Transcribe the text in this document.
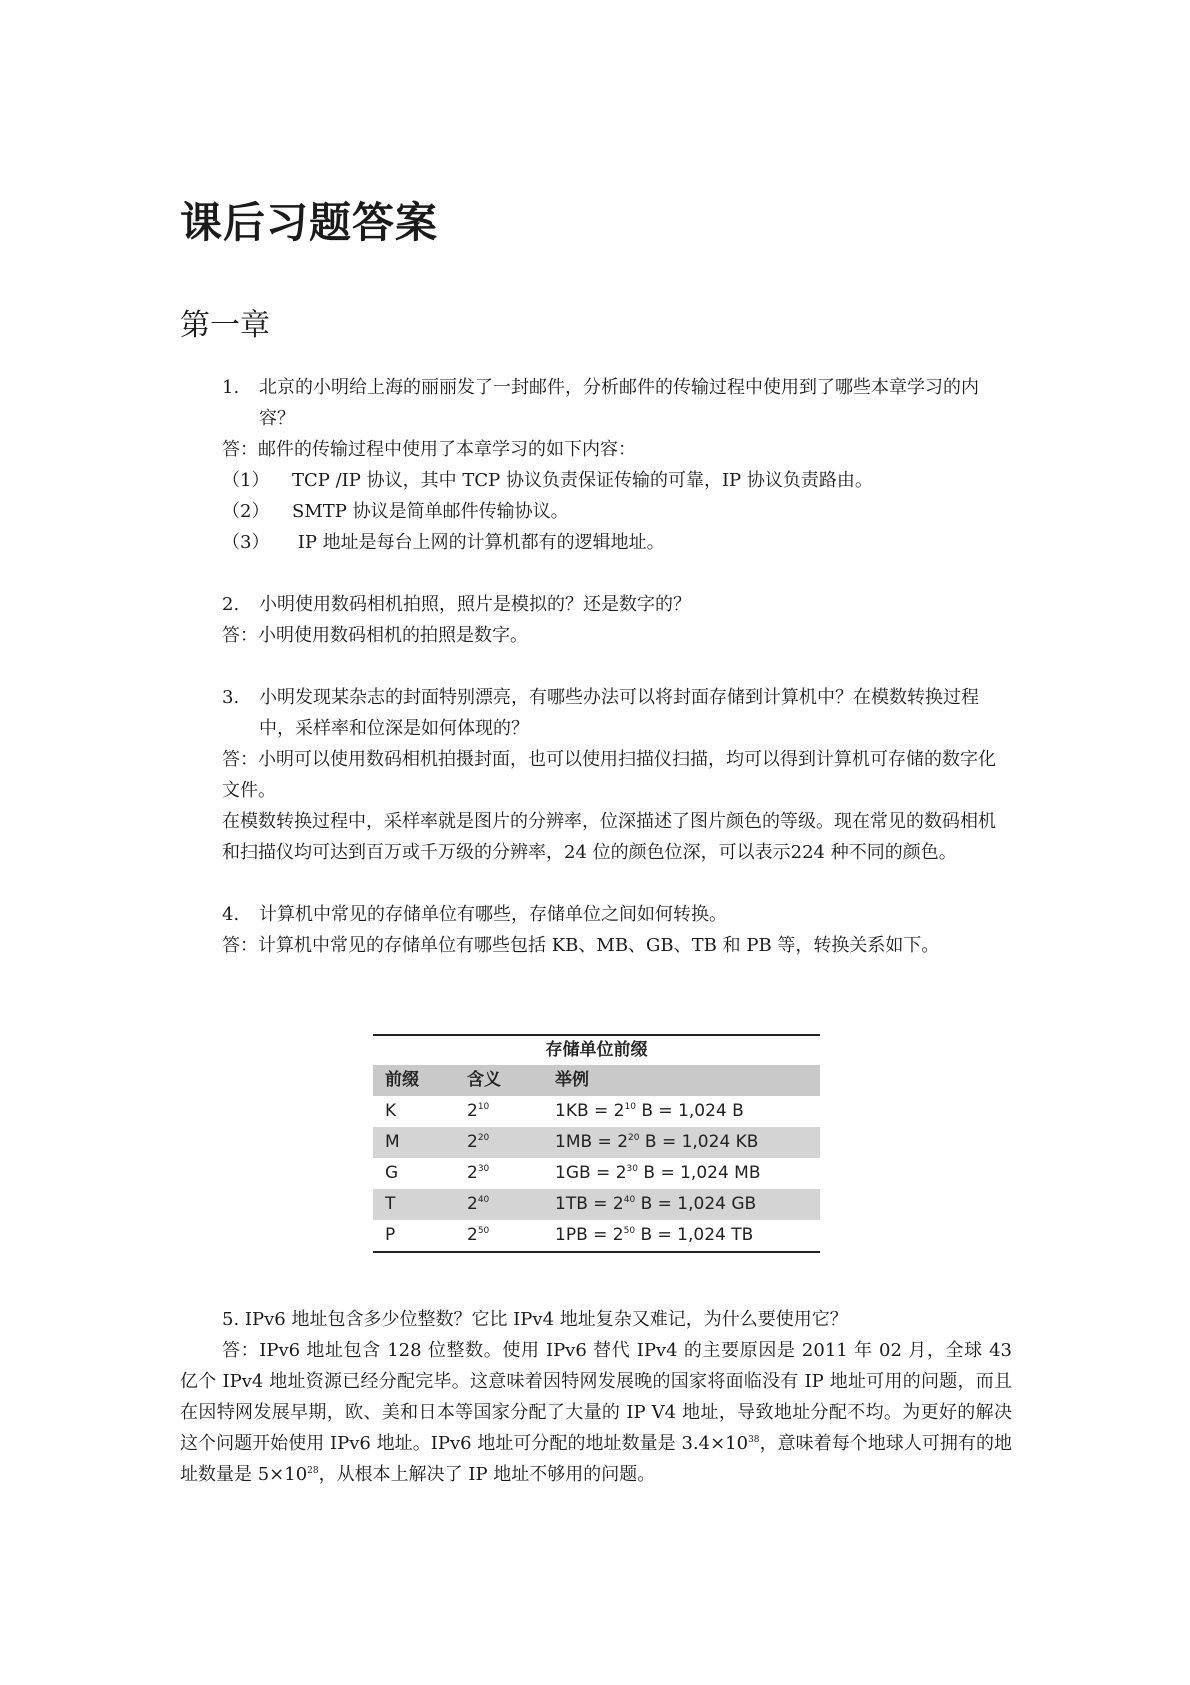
课后习题答案
第一章

1. 北京的小明给上海的丽丽发了一封邮件，分析邮件的传输过程中使用到了哪些本章学习的内容？

答：邮件的传输过程中使用了本章学习的如下内容：

（1） TCP /IP 协议，其中 TCP 协议负责保证传输的可靠，IP 协议负责路由。

（2） SMTP 协议是简单邮件传输协议。

（3） IP 地址是每台上网的计算机都有的逻辑地址。

2. 小明使用数码相机拍照，照片是模拟的？还是数字的？

答：小明使用数码相机的拍照是数字。

3. 小明发现某杂志的封面特别漂亮，有哪些办法可以将封面存储到计算机中？在模数转换过程中，采样率和位深是如何体现的？

答：小明可以使用数码相机拍摄封面，也可以使用扫描仪扫描，均可以得到计算机可存储的数字化文件。

在模数转换过程中，采样率就是图片的分辨率，位深描述了图片颜色的等级。现在常见的数码相机和扫描仪均可达到百万或千万级的分辨率，24 位的颜色位深，可以表示224 种不同的颜色。

4. 计算机中常见的存储单位有哪些，存储单位之间如何转换。

答：计算机中常见的存储单位有哪些包括 KB、MB、GB、TB 和 PB 等，转换关系如下。

存储单位前缀
前缀	含义	举例
K	$2^{10}$	$1KB = 2^{10}$ B = 1,024 B
M	$2^{20}$	$1MB = 2^{20}$ B = 1,024 KB
G	$2^{30}$	$1GB = 2^{30}$ B = 1,024 MB
T	$2^{40}$	$1TB = 2^{40}$ B = 1,024 GB
P	$2^{50}$	$1PB = 2^{50}$ B = 1,024 TB

5. IPv6 地址包含多少位整数？它比 IPv4 地址复杂又难记，为什么要使用它？

答：IPv6 地址包含 128 位整数。使用 IPv6 替代 IPv4 的主要原因是 2011 年 02 月，全球 43 亿个 IPv4 地址资源已经分配完毕。这意味着因特网发展晚的国家将面临没有 IP 地址可用的问题，而且在因特网发展早期，欧、美和日本等国家分配了大量的 IP V4 地址，导致地址分配不均。为更好的解决这个问题开始使用 IPv6 地址。IPv6 地址可分配的地址数量是 $3.4\times 10^{38}$，意味着每个地球人可拥有的地址数量是 $5\times 10^{28}$，从根本上解决了 IP 地址不够用的问题。
